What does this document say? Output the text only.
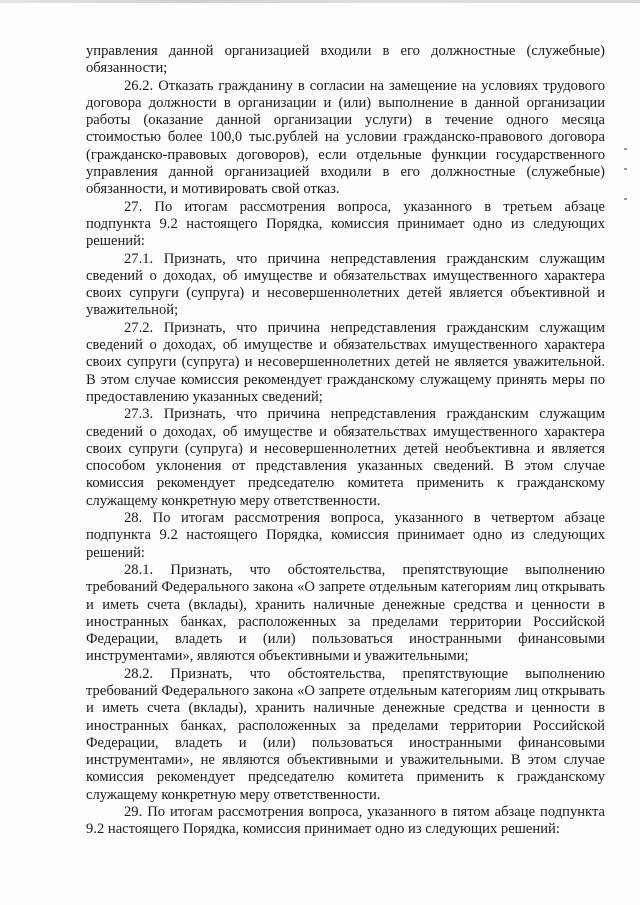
управления данной организацией входили в его должностные (служебные) обязанности;

26.2. Отказать гражданину в согласии на замещение на условиях трудового договора должности в организации и (или) выполнение в данной организации работы (оказание данной организации услуги) в течение одного месяца стоимостью более 100,0 тыс.рублей на условии гражданско-правового договора (гражданско-правовых договоров), если отдельные функции государственного управления данной организацией входили в его должностные (служебные) обязанности, и мотивировать свой отказ.

27. По итогам рассмотрения вопроса, указанного в третьем абзаце подпункта 9.2 настоящего Порядка, комиссия принимает одно из следующих решений:

27.1. Признать, что причина непредставления гражданским служащим сведений о доходах, об имуществе и обязательствах имущественного характера своих супруги (супруга) и несовершеннолетних детей является объективной и уважительной;

27.2. Признать, что причина непредставления гражданским служащим сведений о доходах, об имуществе и обязательствах имущественного характера своих супруги (супруга) и несовершеннолетних детей не является уважительной. В этом случае комиссия рекомендует гражданскому служащему принять меры по предоставлению указанных сведений;

27.3. Признать, что причина непредставления гражданским служащим сведений о доходах, об имуществе и обязательствах имущественного характера своих супруги (супруга) и несовершеннолетних детей необъективна и является способом уклонения от представления указанных сведений. В этом случае комиссия рекомендует председателю комитета применить к гражданскому служащему конкретную меру ответственности.

28. По итогам рассмотрения вопроса, указанного в четвертом абзаце подпункта 9.2 настоящего Порядка, комиссия принимает одно из следующих решений:

28.1. Признать, что обстоятельства, препятствующие выполнению требований Федерального закона «О запрете отдельным категориям лиц открывать и иметь счета (вклады), хранить наличные денежные средства и ценности в иностранных банках, расположенных за пределами территории Российской Федерации, владеть и (или) пользоваться иностранными финансовыми инструментами», являются объективными и уважительными;

28.2. Признать, что обстоятельства, препятствующие выполнению требований Федерального закона «О запрете отдельным категориям лиц открывать и иметь счета (вклады), хранить наличные денежные средства и ценности в иностранных банках, расположенных за пределами территории Российской Федерации, владеть и (или) пользоваться иностранными финансовыми инструментами», не являются объективными и уважительными. В этом случае комиссия рекомендует председателю комитета применить к гражданскому служащему конкретную меру ответственности.

29. По итогам рассмотрения вопроса, указанного в пятом абзаце подпункта 9.2 настоящего Порядка, комиссия принимает одно из следующих решений:
